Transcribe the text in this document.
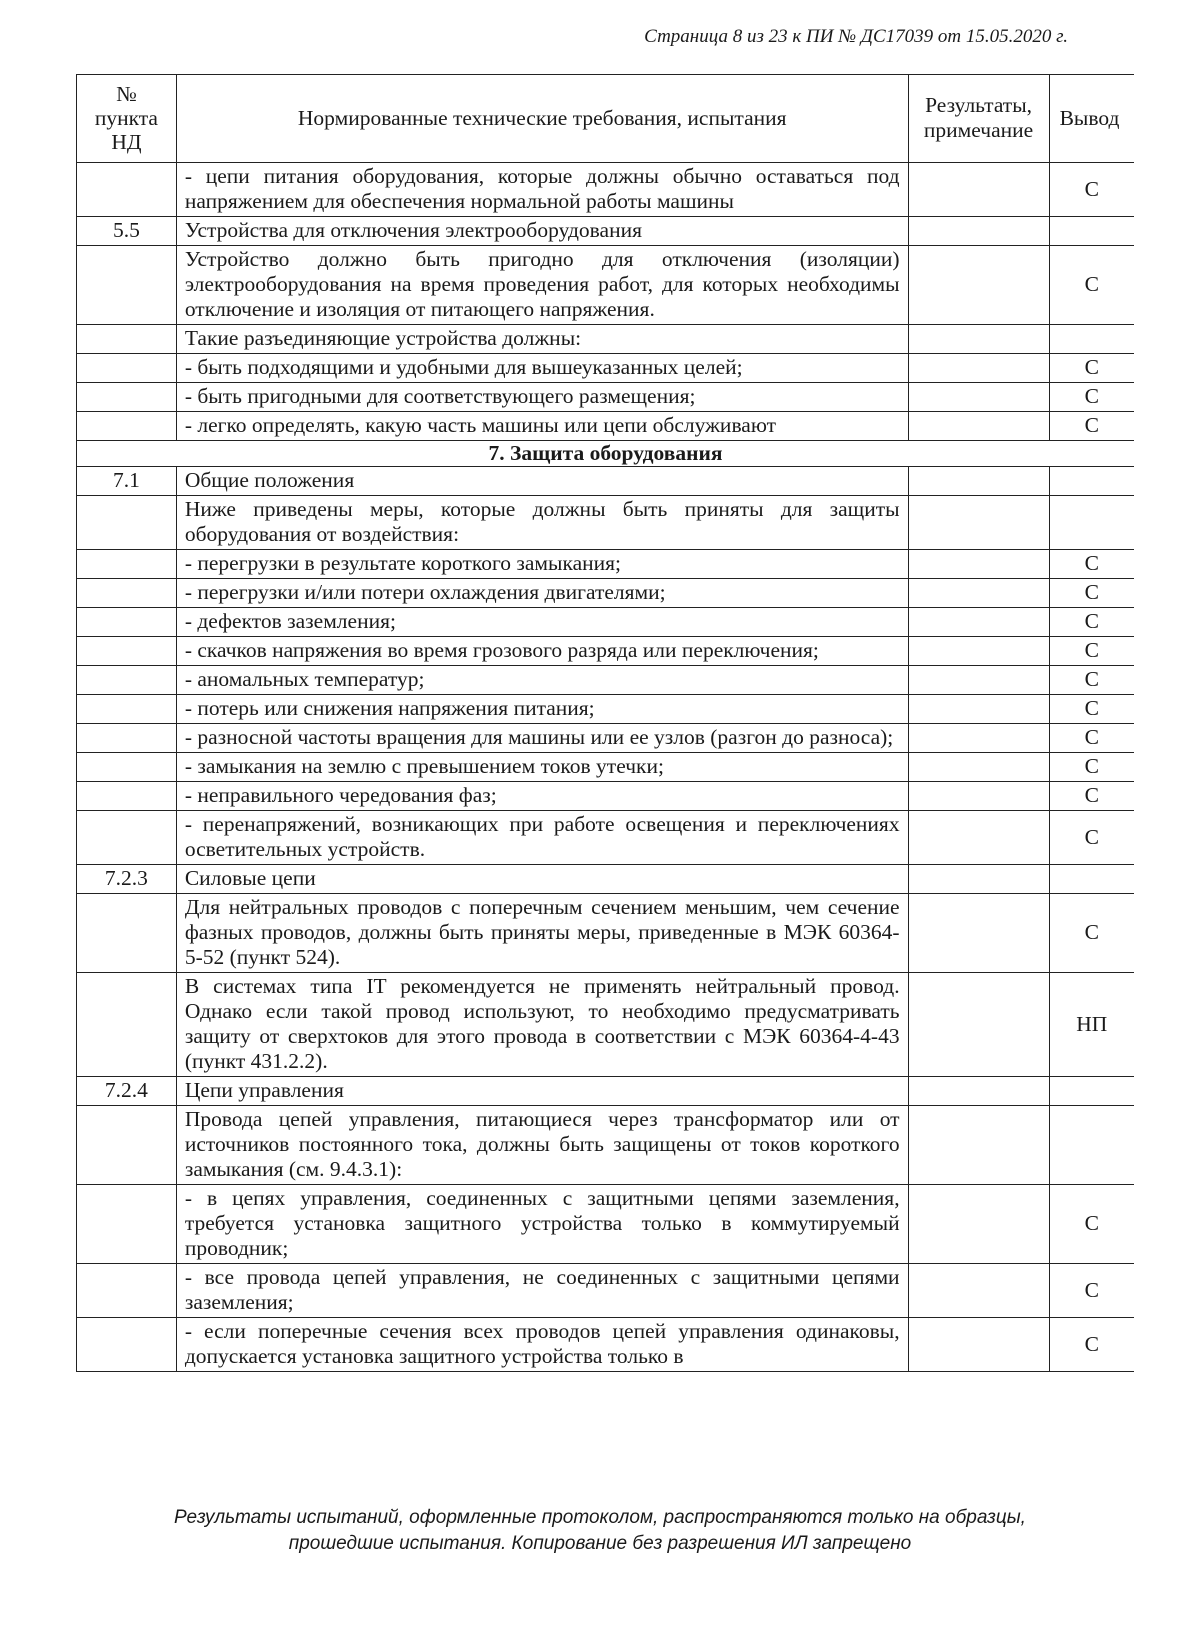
Страница 8 из 23 к ПИ № ДС17039 от 15.05.2020 г.
№ пункта НД	Нормированные технические требования, испытания	Результаты, примечание	Вывод
	- цепи питания оборудования, которые должны обычно оставаться под напряжением для обеспечения нормальной работы машины		С
5.5	Устройства для отключения электрооборудования		
	Устройство должно быть пригодно для отключения (изоляции) электрооборудования на время проведения работ, для которых необходимы отключение и изоляция от питающего напряжения.		С
	Такие разъединяющие устройства должны:		
	- быть подходящими и удобными для вышеуказанных целей;		С
	- быть пригодными для соответствующего размещения;		С
	- легко определять, какую часть машины или цепи обслуживают		С
7. Защита оборудования			
7.1	Общие положения		
	Ниже приведены меры, которые должны быть приняты для защиты оборудования от воздействия:		
	- перегрузки в результате короткого замыкания;		С
	- перегрузки и/или потери охлаждения двигателями;		С
	- дефектов заземления;		С
	- скачков напряжения во время грозового разряда или переключения;		С
	- аномальных температур;		С
	- потерь или снижения напряжения питания;		С
	- разносной частоты вращения для машины или ее узлов (разгон до разноса);		С
	- замыкания на землю с превышением токов утечки;		С
	- неправильного чередования фаз;		С
	- перенапряжений, возникающих при работе освещения и переключениях осветительных устройств.		С
7.2.3	Силовые цепи		
	Для нейтральных проводов с поперечным сечением меньшим, чем сечение фазных проводов, должны быть приняты меры, приведенные в МЭК 60364-5-52 (пункт 524).		С
	В системах типа IT рекомендуется не применять нейтральный провод. Однако если такой провод используют, то необходимо предусматривать защиту от сверхтоков для этого провода в соответствии с МЭК 60364-4-43 (пункт 431.2.2).		НП
7.2.4	Цепи управления		
	Провода цепей управления, питающиеся через трансформатор или от источников постоянного тока, должны быть защищены от токов короткого замыкания (см. 9.4.3.1):		
	- в цепях управления, соединенных с защитными цепями заземления, требуется установка защитного устройства только в коммутируемый проводник;		С
	- все провода цепей управления, не соединенных с защитными цепями заземления;		С
	- если поперечные сечения всех проводов цепей управления одинаковы, допускается установка защитного устройства только в		С
Результаты испытаний, оформленные протоколом, распространяются только на образцы,
прошедшие испытания. Копирование без разрешения ИЛ запрещено
